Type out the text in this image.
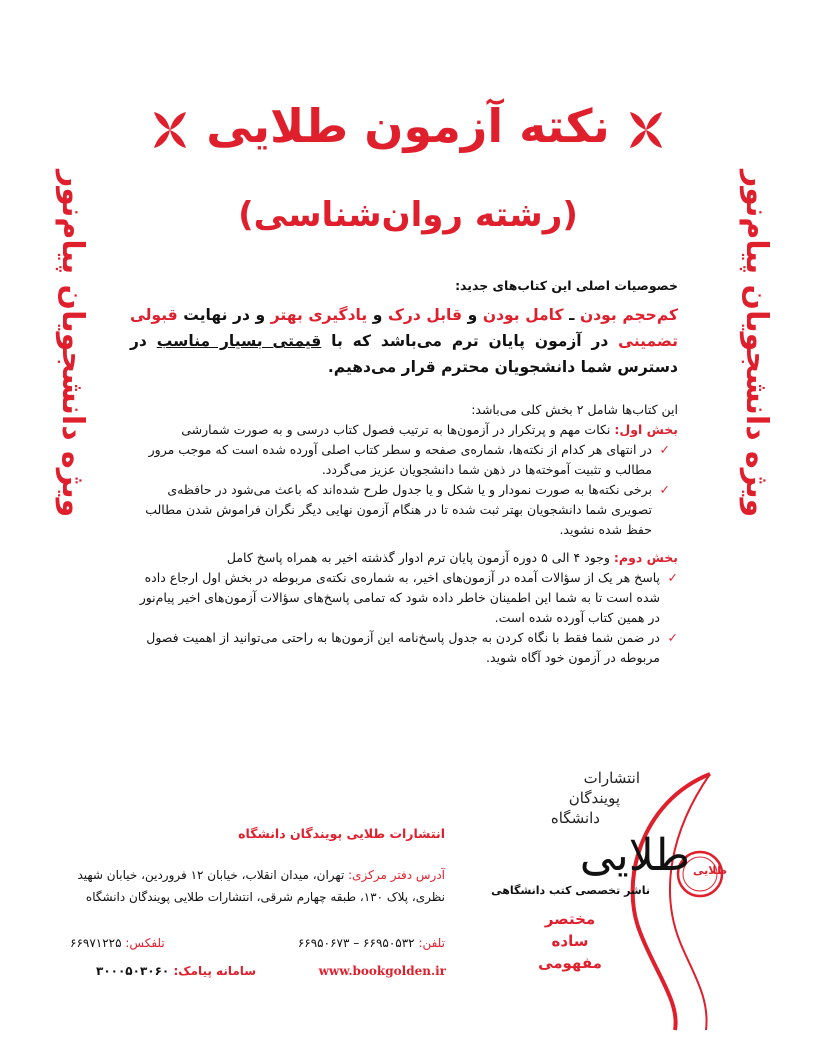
نکته آزمون طلایی
(رشته روان‌شناسی)	ویژه دانشجویان پیام‌نور
ویژه دانشجویان پیام‌نور	خصوصیات اصلی این کتاب‌های جدید:
کم‌حجم بودن ـ کامل بودن و قابل درک و یادگیری بهتر و در نهایت قبولی تضمینی در آزمون پایان ترم می‌باشد که با قیمتی بسیار مناسب در دسترس شما دانشجویان محترم قرار می‌دهیم.
این کتاب‌ها شامل ۲ بخش کلی می‌باشد:
بخش اول: نکات مهم و پرتکرار در آزمون‌ها به ترتیب فصول کتاب درسی و به صورت شمارشی
✓
در انتهای هر کدام از نکته‌ها، شماره‌ی صفحه و سطر کتاب اصلی آورده شده است که موجب مرور مطالب و تثبیت آموخته‌ها در ذهن شما دانشجویان عزیز می‌گردد.
✓
برخی نکته‌ها به صورت نمودار و یا شکل و یا جدول طرح شده‌اند که باعث می‌شود در حافظه‌ی تصویری شما دانشجویان بهتر ثبت شده تا در هنگام آزمون نهایی دیگر نگران فراموش شدن مطالب حفظ شده نشوید.
بخش دوم: وجود ۴ الی ۵ دوره آزمون پایان ترم ادوار گذشته اخیر به همراه پاسخ کامل
✓
پاسخ هر یک از سؤالات آمده در آزمون‌های اخیر، به شماره‌ی نکته‌ی مربوطه در بخش اول ارجاع داده شده است تا به شما این اطمینان خاطر داده شود که تمامی پاسخ‌های سؤالات آزمون‌های اخیر پیام‌نور در همین کتاب آورده شده است.
✓
در ضمن شما فقط با نگاه کردن به جدول پاسخ‌نامه این آزمون‌ها به راحتی می‌توانید از اهمیت فصول مربوطه در آزمون خود آگاه شوید.
انتشارات طلایی پویندگان دانشگاه
آدرس دفتر مرکزی: تهران، میدان انقلاب، خیابان ۱۲ فروردین، خیابان شهید نظری، پلاک ۱۳۰، طبقه چهارم شرقی، انتشارات طلایی پویندگان دانشگاه
تلفن: ۶۶۹۵۰۵۳۲ – ۶۶۹۵۰۶۷۳
تلفکس: ۶۶۹۷۱۲۲۵
www.bookgolden.ir
سامانه پیامک: ۳۰۰۰۵۰۳۰۶۰
طلایی
انتشارات
پویندگان
دانشگاه
طلایی
ناشر تخصصی کتب دانشگاهی
مختصر
ساده
مفهومی
